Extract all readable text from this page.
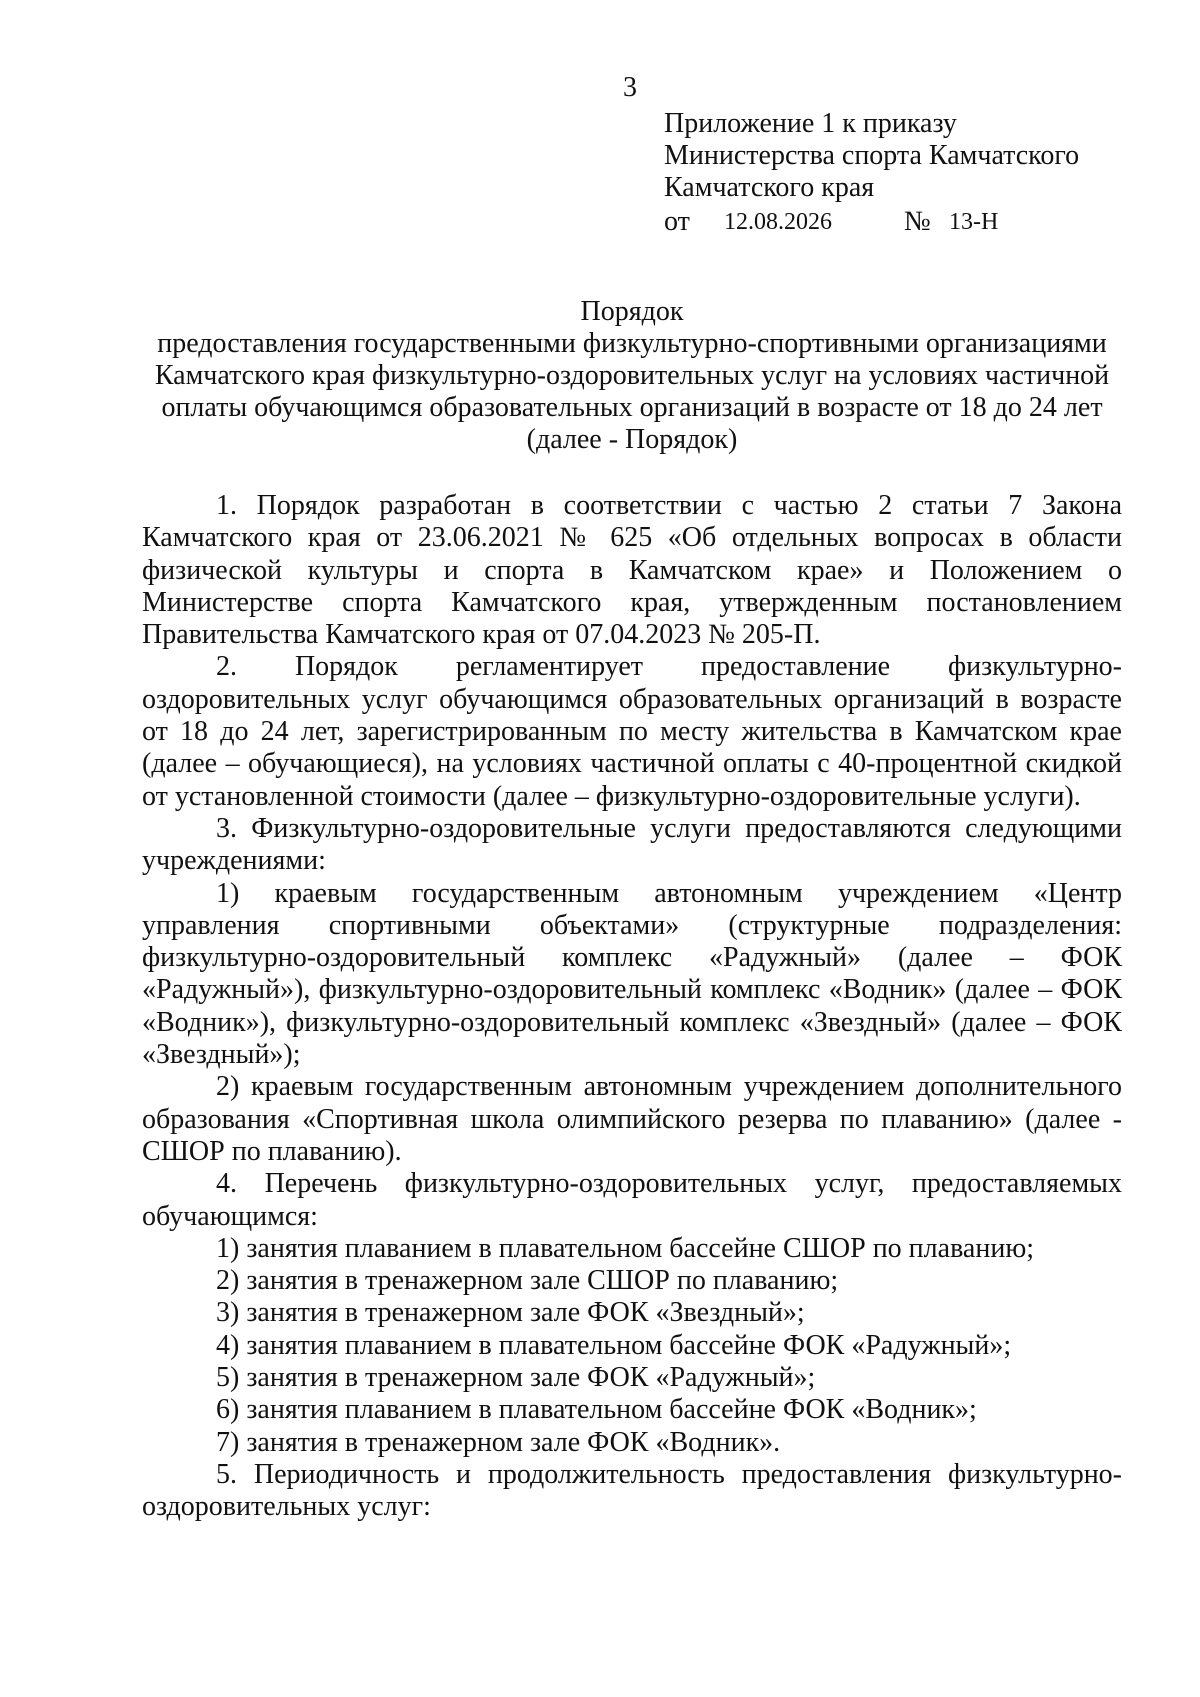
3
Приложение 1 к приказу
Министерства спорта Камчатского
Камчатского края
от 12.08.2026	№ 13-Н
Порядок
предоставления государственными физкультурно-спортивными организациями
Камчатского края физкультурно-оздоровительных услуг на условиях частичной
оплаты обучающимся образовательных организаций в возрасте от 18 до 24 лет
(далее - Порядок)

1. Порядок разработан в соответствии с частью 2 статьи 7 Закона Камчатского края от 23.06.2021 № 625 «Об отдельных вопросах в области физической культуры и спорта в Камчатском крае» и Положением о Министерстве спорта Камчатского края, утвержденным постановлением Правительства Камчатского края от 07.04.2023 № 205-П.

2. Порядок регламентирует предоставление физкультурно-оздоровительных услуг обучающимся образовательных организаций в возрасте от 18 до 24 лет, зарегистрированным по месту жительства в Камчатском крае (далее – обучающиеся), на условиях частичной оплаты с 40-процентной скидкой от установленной стоимости (далее – физкультурно-оздоровительные услуги).

3. Физкультурно-оздоровительные услуги предоставляются следующими учреждениями:

1) краевым государственным автономным учреждением «Центр управления спортивными объектами» (структурные подразделения: физкультурно-оздоровительный комплекс «Радужный» (далее – ФОК «Радужный»), физкультурно-оздоровительный комплекс «Водник» (далее – ФОК «Водник»), физкультурно-оздоровительный комплекс «Звездный» (далее – ФОК «Звездный»);

2) краевым государственным автономным учреждением дополнительного образования «Спортивная школа олимпийского резерва по плаванию» (далее - СШОР по плаванию).

4. Перечень физкультурно-оздоровительных услуг, предоставляемых обучающимся:

1) занятия плаванием в плавательном бассейне СШОР по плаванию;

2) занятия в тренажерном зале СШОР по плаванию;

3) занятия в тренажерном зале ФОК «Звездный»;

4) занятия плаванием в плавательном бассейне ФОК «Радужный»;

5) занятия в тренажерном зале ФОК «Радужный»;

6) занятия плаванием в плавательном бассейне ФОК «Водник»;

7) занятия в тренажерном зале ФОК «Водник».

5. Периодичность и продолжительность предоставления физкультурно-оздоровительных услуг:
